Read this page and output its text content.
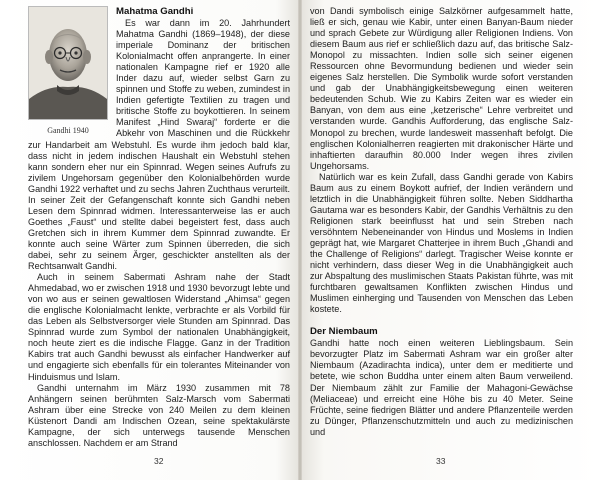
Gandhi 1940
Mahatma Gandhi

Es war dann im 20. Jahrhundert Mahatma Gandhi (1869–1948), der diese imperiale Dominanz der britischen Kolonialmacht offen anprangerte. In einer nationalen Kampagne rief er 1920 alle Inder dazu auf, wieder selbst Garn zu spinnen und Stoffe zu weben, zumindest in Indien gefertigte Textilien zu tragen und britische Stoffe zu boykottieren. In seinem Manifest „Hind Swaraj“ forderte er die Abkehr von Maschinen und die Rückkehr zur Handarbeit am Webstuhl. Es wurde ihm jedoch bald klar, dass nicht in jedem indischen Haushalt ein Webstuhl stehen kann sondern eher nur ein Spinnrad. Wegen seines Aufrufs zu zivilem Ungehorsam gegenüber den Kolonialbehörden wurde Gandhi 1922 verhaftet und zu sechs Jahren Zuchthaus verurteilt. In seiner Zeit der Gefangenschaft konnte sich Gandhi neben Lesen dem Spinnrad widmen. Interessanterweise las er auch Goethes „Faust“ und stellte dabei begeistert fest, dass auch Gretchen sich in ihrem Kummer dem Spinnrad zuwandte. Er konnte auch seine Wärter zum Spinnen überreden, die sich dabei, sehr zu seinem Ärger, geschickter anstellten als der Rechtsanwalt Gandhi.

Auch in seinem Sabermati Ashram nahe der Stadt Ahmedabad, wo er zwischen 1918 und 1930 bevorzugt lebte und von wo aus er seinen gewaltlosen Widerstand „Ahimsa“ gegen die englische Kolonialmacht lenkte, verbrachte er als Vorbild für das Leben als Selbstversorger viele Stunden am Spinnrad. Das Spinnrad wurde zum Symbol der nationalen Unabhängigkeit, noch heute ziert es die indische Flagge. Ganz in der Tradition Kabirs trat auch Gandhi bewusst als einfacher Handwerker auf und engagierte sich ebenfalls für ein tolerantes Miteinander von Hinduismus und Islam.

Gandhi unternahm im März 1930 zusammen mit 78 Anhängern seinen berühmten Salz-Marsch vom Sabermati Ashram über eine Strecke von 240 Meilen zu dem kleinen Küstenort Dandi am Indischen Ozean, seine spektakulärste Kampagne, der sich unterwegs tausende Menschen anschlossen. Nachdem er am Strand

32

von Dandi symbolisch einige Salzkörner aufgesammelt hatte, ließ er sich, genau wie Kabir, unter einen Banyan-Baum nieder und sprach Gebete zur Würdigung aller Religionen Indiens. Von diesem Baum aus rief er schließlich dazu auf, das britische Salz-Monopol zu missachten. Indien solle sich seiner eigenen Ressourcen ohne Bevormundung bedienen und wieder sein eigenes Salz herstellen. Die Symbolik wurde sofort verstanden und gab der Unabhängigkeitsbewegung einen weiteren bedeutenden Schub. Wie zu Kabirs Zeiten war es wieder ein Banyan, von dem aus eine „ketzerische“ Lehre verbreitet und verstanden wurde. Gandhis Aufforderung, das englische Salz-Monopol zu brechen, wurde landesweit massenhaft befolgt. Die englischen Kolonialherren reagierten mit drakonischer Härte und inhaftierten daraufhin 80.000 Inder wegen ihres zivilen Ungehorsams.

Natürlich war es kein Zufall, dass Gandhi gerade von Kabirs Baum aus zu einem Boykott aufrief, der Indien verändern und letztlich in die Unabhängigkeit führen sollte. Neben Siddhartha Gautama war es besonders Kabir, der Gandhis Verhältnis zu den Religionen stark beeinflusst hat und sein Streben nach versöhntem Nebeneinander von Hindus und Moslems in Indien geprägt hat, wie Margaret Chatterjee in ihrem Buch „Ghandi and the Challenge of Religions“ darlegt. Tragischer Weise konnte er nicht verhindern, dass dieser Weg in die Unabhängigkeit auch zur Abspaltung des muslimischen Staats Pakistan führte, was mit furchtbaren gewaltsamen Konflikten zwischen Hindus und Muslimen einherging und Tausenden von Menschen das Leben kostete.

Der Niembaum

Gandhi hatte noch einen weiteren Lieblingsbaum. Sein bevorzugter Platz im Sabermati Ashram war ein großer alter Niembaum (Azadirachta indica), unter dem er meditierte und betete, wie schon Buddha unter einem alten Baum verweilend. Der Niembaum zählt zur Familie der Mahagoni-Gewächse (Meliaceae) und erreicht eine Höhe bis zu 40 Meter. Seine Früchte, seine fiedrigen Blätter und andere Pflanzenteile werden zu Dünger, Pflanzenschutzmitteln und auch zu medizinischen und

33
